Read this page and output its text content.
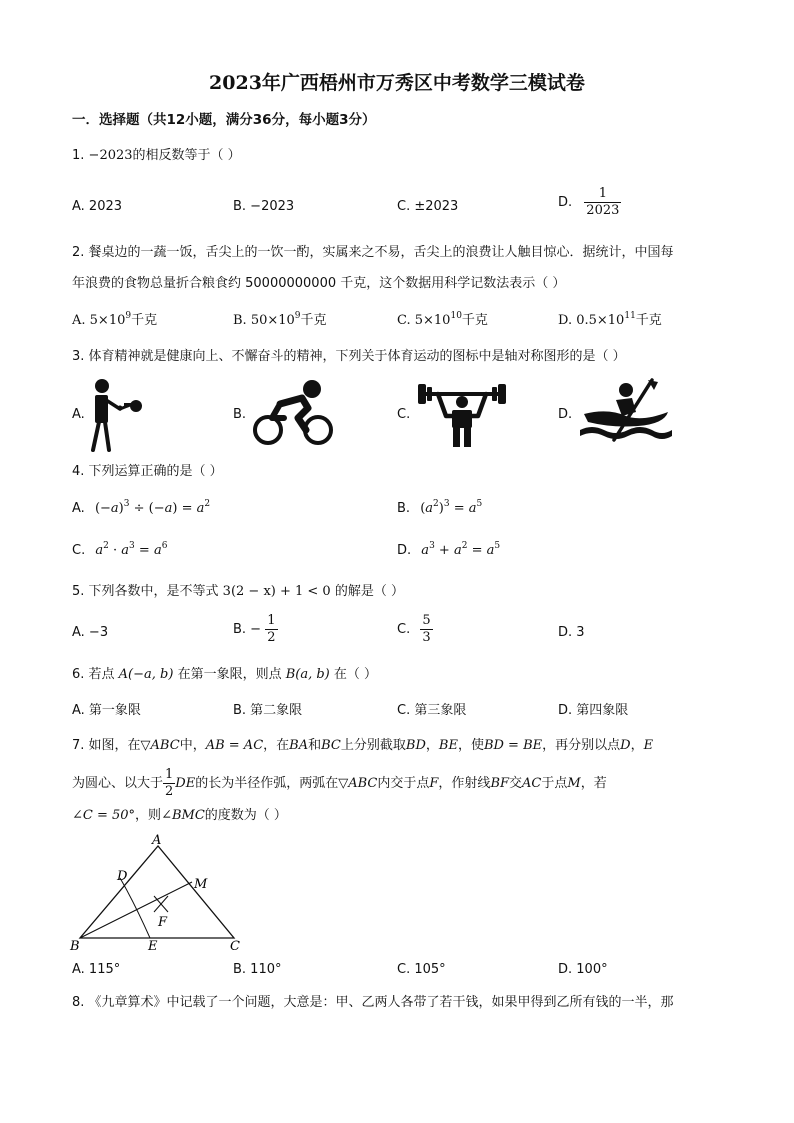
2023年广西梧州市万秀区中考数学三模试卷
一．选择题（共12小题，满分36分，每小题3分）
1. −2023的相反数等于（ ）
A. 2023	B. −2023	C. ±2023	D. $\frac{1}{2023}$
2. 餐桌边的一蔬一饭，舌尖上的一饮一酌，实属来之不易，舌尖上的浪费让人触目惊心．据统计，中国每
年浪费的食物总量折合粮食约 50000000000 千克，这个数据用科学记数法表示（ ）
A. $5\times 10^9$千克	B. $50\times 10^9$千克	C. $5\times 10^{10}$千克	D. $0.5\times 10^{11}$千克
3. 体育精神就是健康向上、不懈奋斗的精神，下列关于体育运动的图标中是轴对称图形的是（ ）
A.	B.	C.	D.
4. 下列运算正确的是（ ）
A. $(-a)^3 \div (-a) = a^2$	B. $(a^2)^3 = a^5$
C. $a^2 \cdot a^3 = a^6$	D. $a^3 + a^2 = a^5$
5. 下列各数中，是不等式 3(2 − x) + 1 < 0 的解是（ ）
A. −3	B. − $\frac{1}{2}$	C. $\frac{5}{3}$	D. 3
6. 若点 A(−a, b) 在第一象限，则点 B(a, b) 在（ ）
A. 第一象限	B. 第二象限	C. 第三象限	D. 第四象限
7. 如图，在▽ABC中，AB = AC，在BA和BC上分别截取BD，BE，使BD = BE，再分别以点D，E
为圆心、以大于 $\frac{1}{2}$ DE的长为半径作弧，两弧在▽ABC内交于点F，作射线BF交AC于点M，若
∠C = 50°，则∠BMC的度数为（ ）
A
B	C
D
E
F
M
A. 115°	B. 110°	C. 105°	D. 100°
8. 《九章算术》中记载了一个问题，大意是：甲、乙两人各带了若干钱，如果甲得到乙所有钱的一半，那
